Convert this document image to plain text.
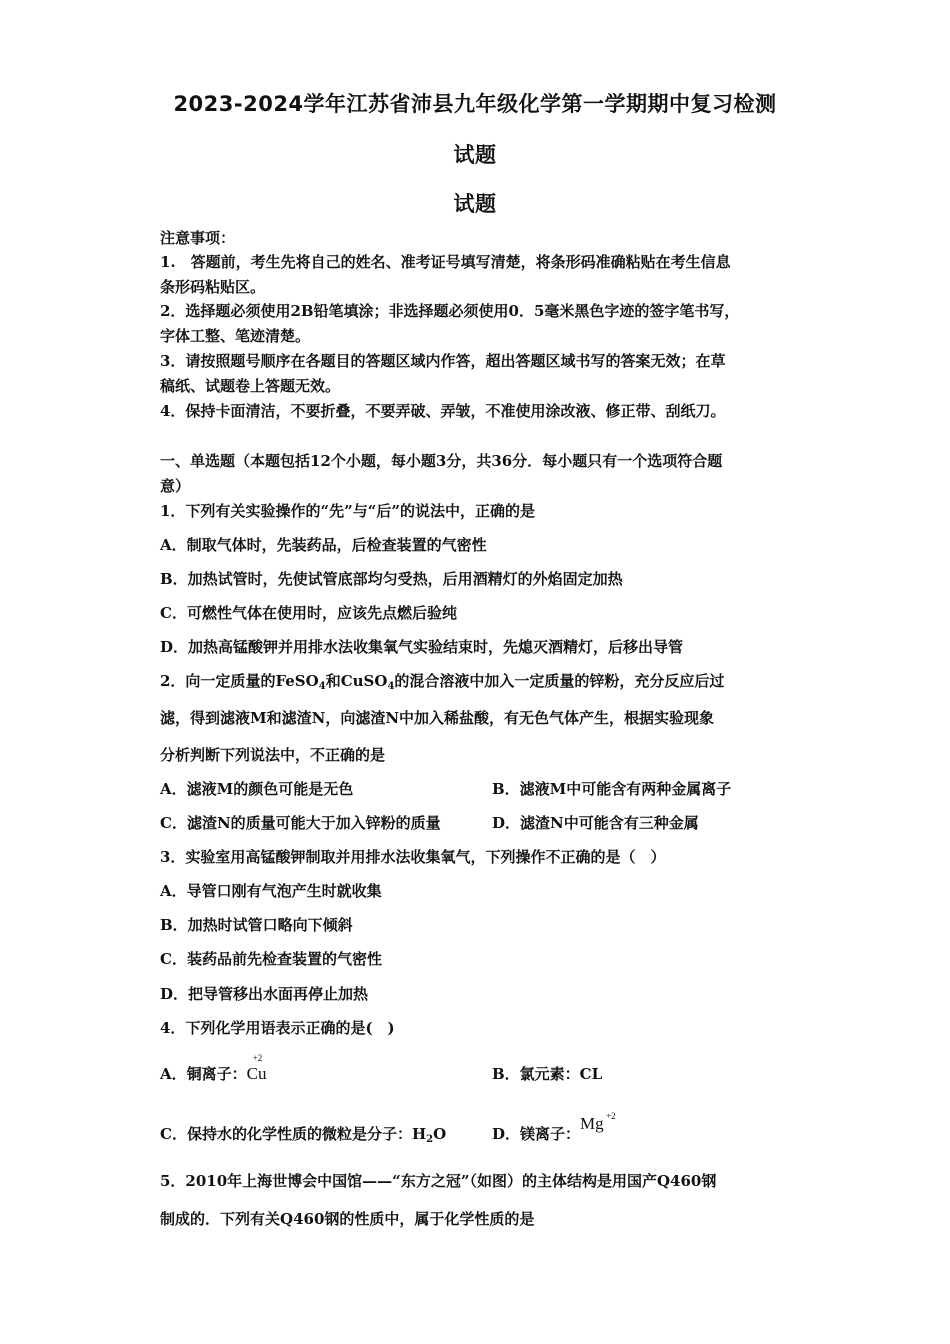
2023-2024学年江苏省沛县九年级化学第一学期期中复习检测
试题
试题
注意事项：
1.　答题前，考生先将自己的姓名、准考证号填写清楚，将条形码准确粘贴在考生信息
条形码粘贴区。
2．选择题必须使用2B铅笔填涂；非选择题必须使用0．5毫米黑色字迹的签字笔书写，
字体工整、笔迹清楚。
3．请按照题号顺序在各题目的答题区域内作答，超出答题区域书写的答案无效；在草
稿纸、试题卷上答题无效。
4．保持卡面清洁，不要折叠，不要弄破、弄皱，不准使用涂改液、修正带、刮纸刀。
一、单选题（本题包括12个小题，每小题3分，共36分．每小题只有一个选项符合题
意）
1．下列有关实验操作的“先”与“后”的说法中，正确的是
A．制取气体时，先装药品，后检查装置的气密性
B．加热试管时，先使试管底部均匀受热，后用酒精灯的外焰固定加热
C．可燃性气体在使用时，应该先点燃后验纯
D．加热高锰酸钾并用排水法收集氧气实验结束时，先熄灭酒精灯，后移出导管
2．向一定质量的FeSO$_4$和CuSO$_4$的混合溶液中加入一定质量的锌粉，充分反应后过
滤，得到滤液M和滤渣N，向滤渣N中加入稀盐酸，有无色气体产生，根据实验现象
分析判断下列说法中，不正确的是
A．滤液M的颜色可能是无色	B．滤液M中可能含有两种金属离子
C．滤渣N的质量可能大于加入锌粉的质量	D．滤渣N中可能含有三种金属
3．实验室用高锰酸钾制取并用排水法收集氧气，下列操作不正确的是（　）
A．导管口刚有气泡产生时就收集
B．加热时试管口略向下倾斜
C．装药品前先检查装置的气密性
D．把导管移出水面再停止加热
4．下列化学用语表示正确的是(　)
A．铜离子：
+2
Cu	B．氯元素：CL
C．保持水的化学性质的微粒是分子：$H_2O$	D．镁离子：Mg +2
5．2010年上海世博会中国馆——“东方之冠”（如图）的主体结构是用国产Q460钢
制成的．下列有关Q460钢的性质中，属于化学性质的是
